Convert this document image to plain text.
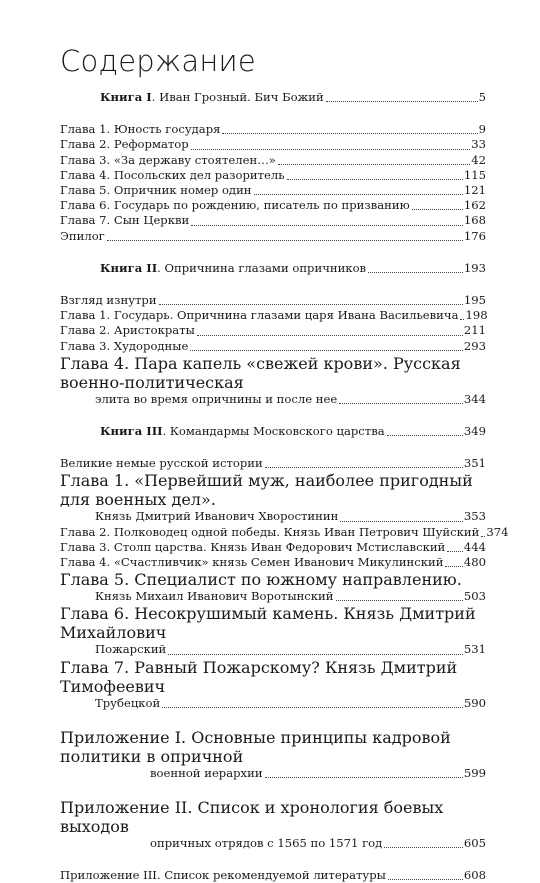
Содержание
Книга I. Иван Грозный. Бич Божий	5
Глава 1. Юность государя	9
Глава 2. Реформатор	33
Глава 3. «За державу стоятелен…»	42
Глава 4. Посольских дел разоритель	115
Глава 5. Опричник номер один	121
Глава 6. Государь по рождению, писатель по призванию	162
Глава 7. Сын Церкви	168
Эпилог	176
Книга II. Опричнина глазами опричников	193
Взгляд изнутри	195
Глава 1. Государь. Опричнина глазами царя Ивана Васильевича 198
Глава 2. Аристократы	211
Глава 3. Худородные	293
Глава 4. Пара капель «свежей крови». Русская военно-политическая
элита во время опричнины и после нее	344
Книга III. Командармы Московского царства	349
Великие немые русской истории	351
Глава 1. «Первейший муж, наиболее пригодный для военных дел».
Князь Дмитрий Иванович Хворостинин	353
Глава 2. Полководец одной победы. Князь Иван Петрович Шуйский 374
Глава 3. Столп царства. Князь Иван Федорович Мстиславский 444
Глава 4. «Счастливчик» князь Семен Иванович Микулинский 480
Глава 5. Специалист по южному направлению.
Князь Михаил Иванович Воротынский	503
Глава 6. Несокрушимый камень. Князь Дмитрий Михайлович
Пожарский	531
Глава 7. Равный Пожарскому? Князь Дмитрий Тимофеевич
Трубецкой	590
Приложение I. Основные принципы кадровой политики в опричной
военной иерархии	599
Приложение II. Список и хронология боевых выходов
опричных отрядов с 1565 по 1571 год	605
Приложение III. Список рекомендуемой литературы	608
